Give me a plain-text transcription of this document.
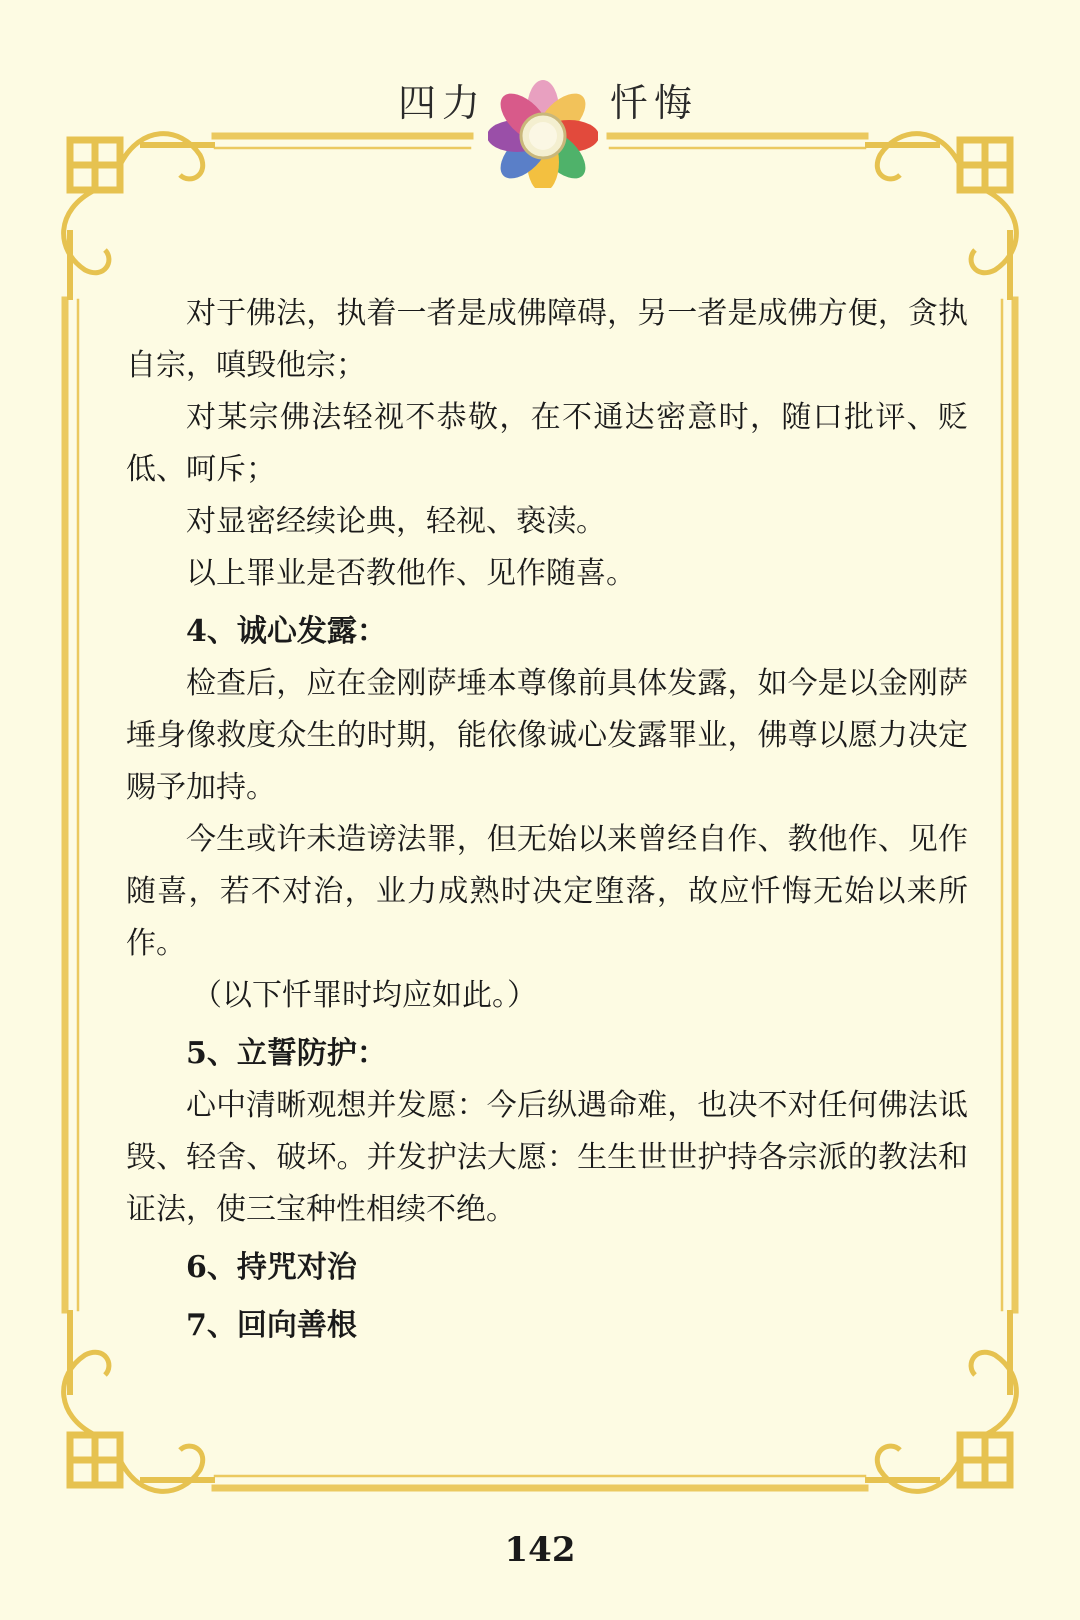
四力	忏悔

对于佛法，执着一者是成佛障碍，另一者是成佛方便，贪执自宗，嗔毁他宗；

对某宗佛法轻视不恭敬，在不通达密意时，随口批评、贬低、呵斥；

对显密经续论典，轻视、亵渎。

以上罪业是否教他作、见作随喜。

4、诚心发露：

检查后，应在金刚萨埵本尊像前具体发露，如今是以金刚萨埵身像救度众生的时期，能依像诚心发露罪业，佛尊以愿力决定赐予加持。

今生或许未造谤法罪，但无始以来曾经自作、教他作、见作随喜，若不对治，业力成熟时决定堕落，故应忏悔无始以来所作。

（以下忏罪时均应如此。）

5、立誓防护：

心中清晰观想并发愿：今后纵遇命难，也决不对任何佛法诋毁、轻舍、破坏。并发护法大愿：生生世世护持各宗派的教法和证法，使三宝种性相续不绝。

6、持咒对治

7、回向善根

142
